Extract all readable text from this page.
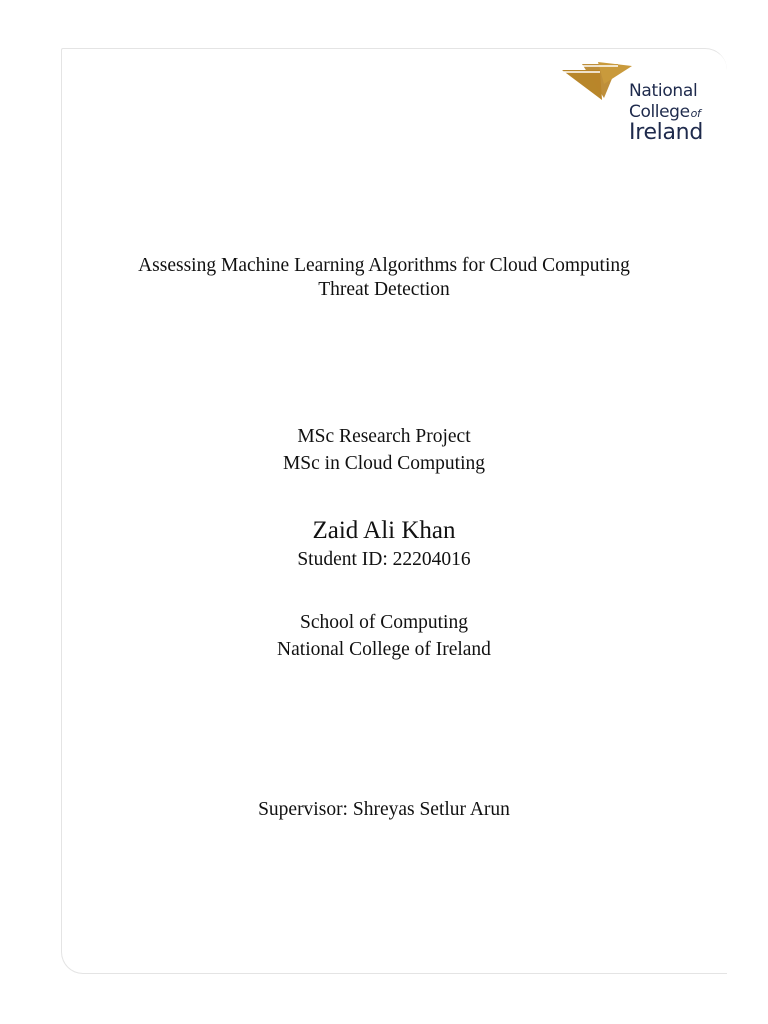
National
Collegeof
Ireland
Assessing Machine Learning Algorithms for Cloud Computing
Threat Detection
MSc Research Project
MSc in Cloud Computing
Zaid Ali Khan
Student ID: 22204016
School of Computing
National College of Ireland
Supervisor: Shreyas Setlur Arun
